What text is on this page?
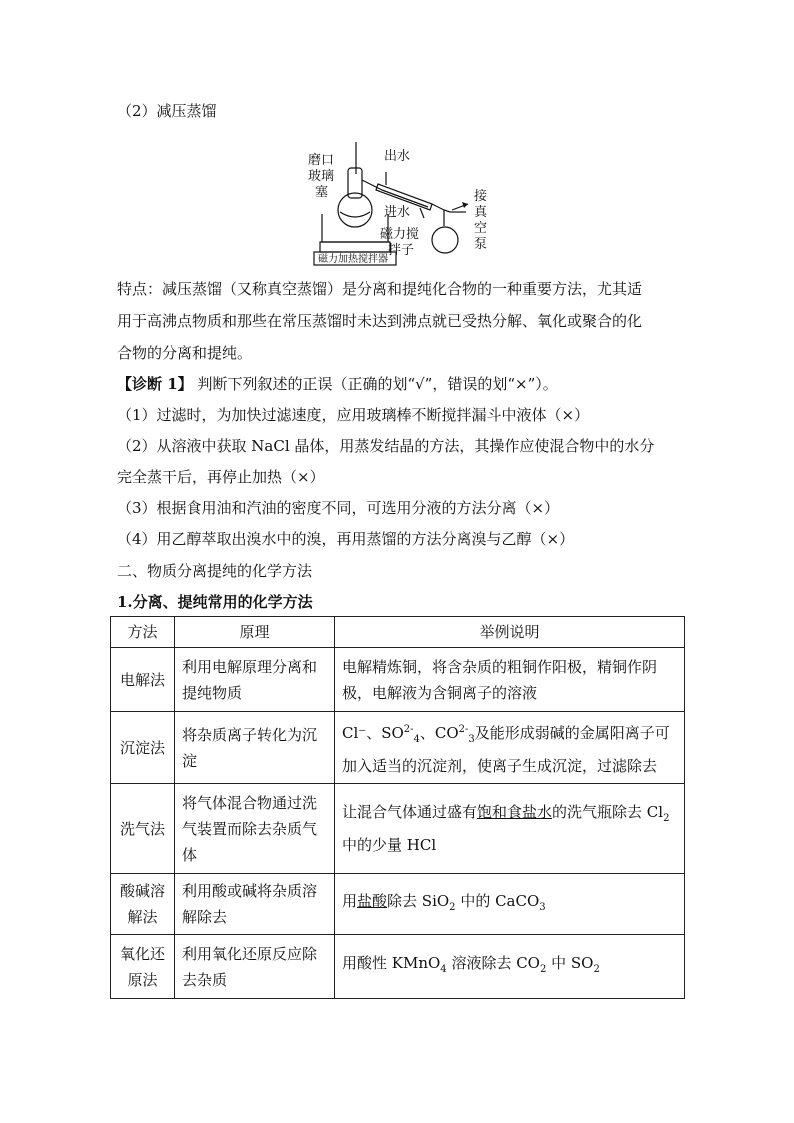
（2）减压蒸馏
磨口
玻璃
塞
出水
进水
接
真
空
泵
磁力搅
拌子
磁力加热搅拌器
特点：减压蒸馏（又称真空蒸馏）是分离和提纯化合物的一种重要方法，尤其适
用于高沸点物质和那些在常压蒸馏时未达到沸点就已受热分解、氧化或聚合的化
合物的分离和提纯。
【诊断 1】 判断下列叙述的正误（正确的划“√”，错误的划“×”）。
（1）过滤时，为加快过滤速度，应用玻璃棒不断搅拌漏斗中液体（×）
（2）从溶液中获取 NaCl 晶体，用蒸发结晶的方法，其操作应使混合物中的水分
完全蒸干后，再停止加热（×）
（3）根据食用油和汽油的密度不同，可选用分液的方法分离（×）
（4）用乙醇萃取出溴水中的溴，再用蒸馏的方法分离溴与乙醇（×）
二、物质分离提纯的化学方法
1.分离、提纯常用的化学方法
方法	原理	举例说明
电解法	利用电解原理分离和提纯物质	电解精炼铜，将含杂质的粗铜作阳极，精铜作阴极，电解液为含铜离子的溶液
沉淀法	将杂质离子转化为沉淀	Cl⁻、$SO^{2-}_4$、$CO^{2-}_3$及能形成弱碱的金属阳离子可加入适当的沉淀剂，使离子生成沉淀，过滤除去
洗气法	将气体混合物通过洗气装置而除去杂质气体	让混合气体通过盛有饱和食盐水的洗气瓶除去 $Cl_2$ 中的少量 HCl
酸碱溶解法	利用酸或碱将杂质溶解除去	用盐酸除去 SiO$_2$ 中的 CaCO$_3$
氧化还原法	利用氧化还原反应除去杂质	用酸性 KMnO$_4$ 溶液除去 $CO_2$ 中 $SO_2$
